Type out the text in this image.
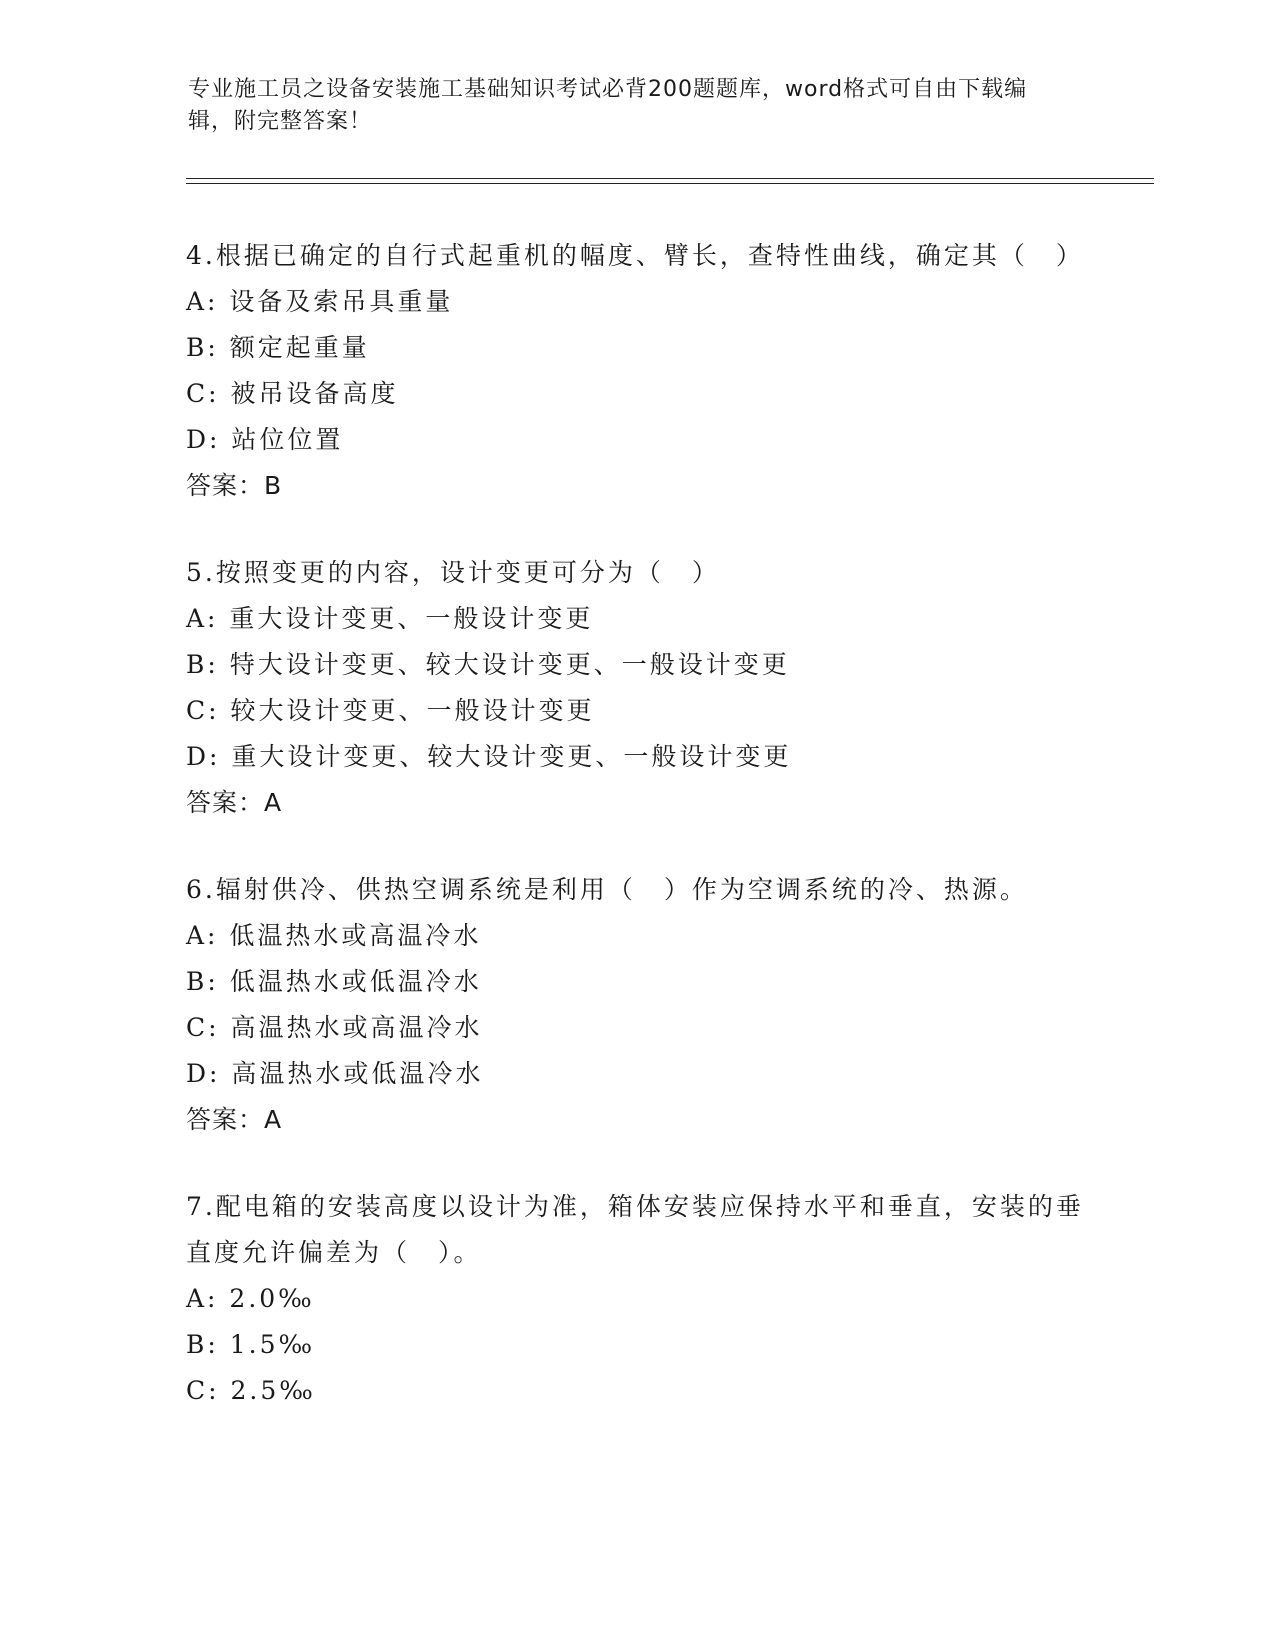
专业施工员之设备安装施工基础知识考试必背200题题库，word格式可自由下载编辑，附完整答案！

4.根据已确定的自行式起重机的幅度、臂长，查特性曲线，确定其（　）

A: 设备及索吊具重量

B: 额定起重量

C: 被吊设备高度

D: 站位位置

答案：B

5.按照变更的内容，设计变更可分为（　）

A: 重大设计变更、一般设计变更

B: 特大设计变更、较大设计变更、一般设计变更

C: 较大设计变更、一般设计变更

D: 重大设计变更、较大设计变更、一般设计变更

答案：A

6.辐射供冷、供热空调系统是利用（　）作为空调系统的冷、热源。

A: 低温热水或高温冷水

B: 低温热水或低温冷水

C: 高温热水或高温冷水

D: 高温热水或低温冷水

答案：A

7.配电箱的安装高度以设计为准，箱体安装应保持水平和垂直，安装的垂直度允许偏差为（　）。

A: 2.0‰

B: 1.5‰

C: 2.5‰
